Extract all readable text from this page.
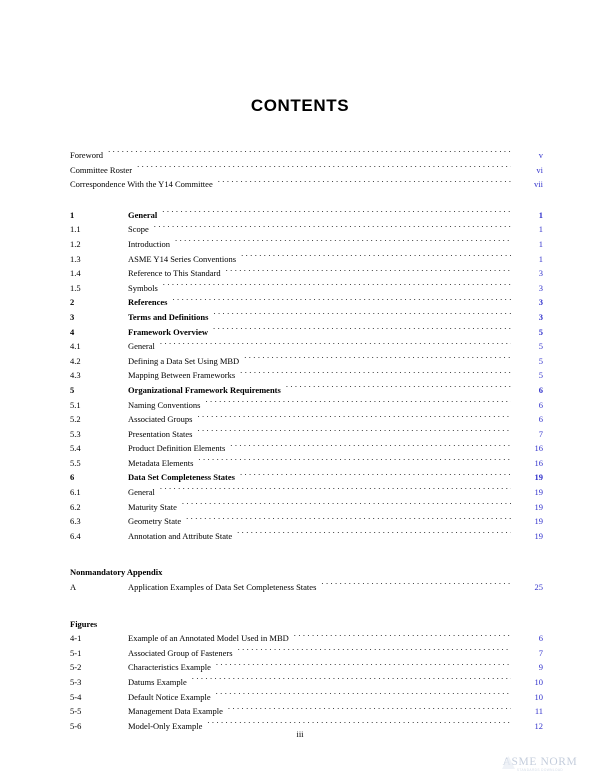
CONTENTS
Foreword . . .	v
Committee Roster . . .	vi
Correspondence With the Y14 Committee . . .	vii
1	General . . .	1
1.1	Scope . . .	1
1.2	Introduction . . .	1
1.3	ASME Y14 Series Conventions . . .	1
1.4	Reference to This Standard . . .	3
1.5	Symbols . . .	3
2	References . . .	3
3	Terms and Definitions . . .	3
4	Framework Overview . . .	5
4.1	General . . .	5
4.2	Defining a Data Set Using MBD . . .	5
4.3	Mapping Between Frameworks . . .	5
5	Organizational Framework Requirements . . .	6
5.1	Naming Conventions . . .	6
5.2	Associated Groups . . .	6
5.3	Presentation States . . .	7
5.4	Product Definition Elements . . .	16
5.5	Metadata Elements . . .	16
6	Data Set Completeness States . . .	19
6.1	General . . .	19
6.2	Maturity State . . .	19
6.3	Geometry State . . .	19
6.4	Annotation and Attribute State . . .	19
Nonmandatory Appendix
A	Application Examples of Data Set Completeness States . . .	25
Figures
4-1	Example of an Annotated Model Used in MBD . . .	6
5-1	Associated Group of Fasteners . . .	7
5-2	Characteristics Example . . .	9
5-3	Datums Example . . .	10
5-4	Default Notice Example . . .	10
5-5	Management Data Example . . .	11
5-6	Model-Only Example . . .	12
iii
ASME NORM
STANDARDS DOWNLOAD
